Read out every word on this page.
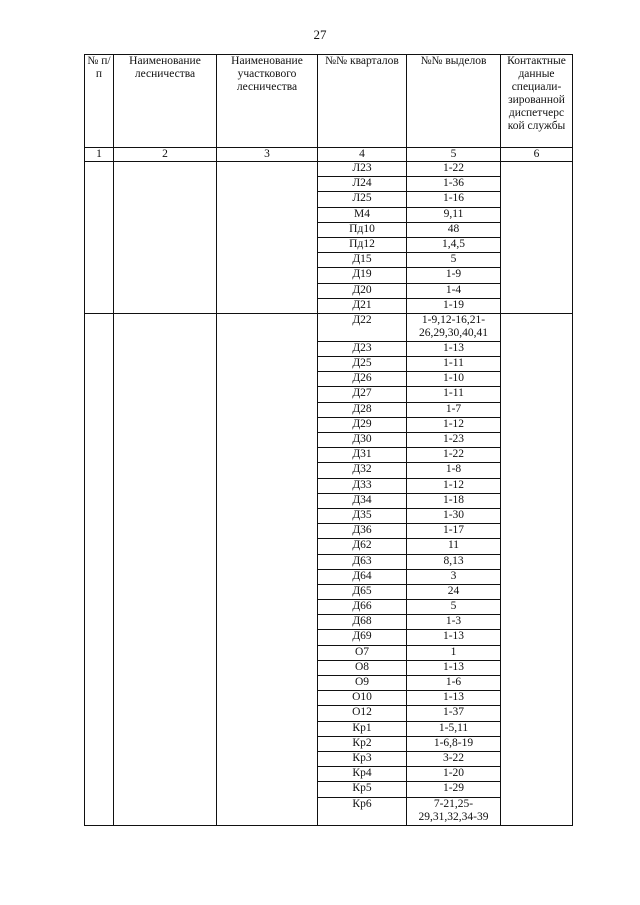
27
№ п/п	Наименование лесничества	Наименование участкового лесничества	№№ кварталов	№№ выделов	Контактные данные специали-зированной диспетчерс кой службы
1	2	3	4	5	6
			Л23	1-22	
			Л24	1-36	
			Л25	1-16	
			М4	9,11	
			Пд10	48	
			Пд12	1,4,5	
			Д15	5	
			Д19	1-9	
			Д20	1-4	
			Д21	1-19	
			Д22	1-9,12-16,21-26,29,30,40,41	
			Д23	1-13	
			Д25	1-11	
			Д26	1-10	
			Д27	1-11	
			Д28	1-7	
			Д29	1-12	
			Д30	1-23	
			Д31	1-22	
			Д32	1-8	
			Д33	1-12	
			Д34	1-18	
			Д35	1-30	
			Д36	1-17	
			Д62	11	
			Д63	8,13	
			Д64	3	
			Д65	24	
			Д66	5	
			Д68	1-3	
			Д69	1-13	
			О7	1	
			О8	1-13	
			О9	1-6	
			О10	1-13	
			О12	1-37	
			Кр1	1-5,11	
			Кр2	1-6,8-19	
			Кр3	3-22	
			Кр4	1-20	
			Кр5	1-29	
			Кр6	7-21,25-29,31,32,34-39	
